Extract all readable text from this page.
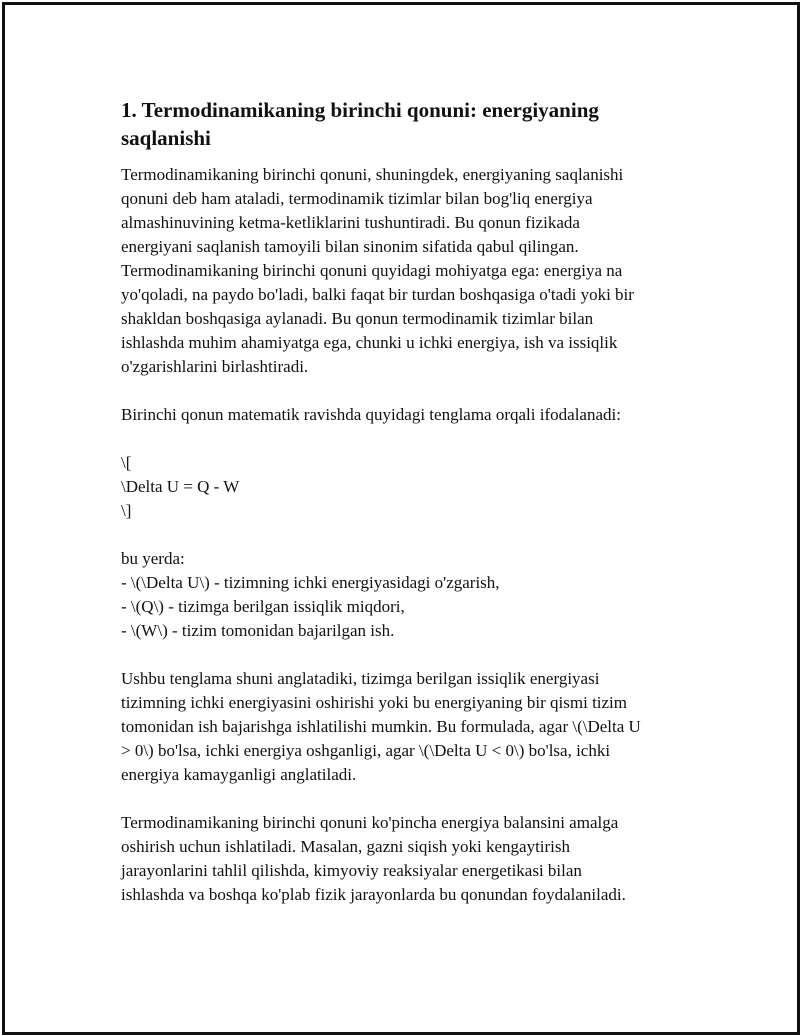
1. Termodinamikaning birinchi qonuni: energiyaning
saqlanishi

Termodinamikaning birinchi qonuni, shuningdek, energiyaning saqlanishi
qonuni deb ham ataladi, termodinamik tizimlar bilan bog'liq energiya
almashinuvining ketma-ketliklarini tushuntiradi. Bu qonun fizikada
energiyani saqlanish tamoyili bilan sinonim sifatida qabul qilingan.
Termodinamikaning birinchi qonuni quyidagi mohiyatga ega: energiya na
yo'qoladi, na paydo bo'ladi, balki faqat bir turdan boshqasiga o'tadi yoki bir
shakldan boshqasiga aylanadi. Bu qonun termodinamik tizimlar bilan
ishlashda muhim ahamiyatga ega, chunki u ichki energiya, ish va issiqlik
o'zgarishlarini birlashtiradi.

Birinchi qonun matematik ravishda quyidagi tenglama orqali ifodalanadi:

\[
\Delta U = Q - W
\]

bu yerda:
- \(\Delta U\) - tizimning ichki energiyasidagi o'zgarish,
- \(Q\) - tizimga berilgan issiqlik miqdori,
- \(W\) - tizim tomonidan bajarilgan ish.

Ushbu tenglama shuni anglatadiki, tizimga berilgan issiqlik energiyasi
tizimning ichki energiyasini oshirishi yoki bu energiyaning bir qismi tizim
tomonidan ish bajarishga ishlatilishi mumkin. Bu formulada, agar \(\Delta U
> 0\) bo'lsa, ichki energiya oshganligi, agar \(\Delta U < 0\) bo'lsa, ichki
energiya kamayganligi anglatiladi.

Termodinamikaning birinchi qonuni ko'pincha energiya balansini amalga
oshirish uchun ishlatiladi. Masalan, gazni siqish yoki kengaytirish
jarayonlarini tahlil qilishda, kimyoviy reaksiyalar energetikasi bilan
ishlashda va boshqa ko'plab fizik jarayonlarda bu qonundan foydalaniladi.
